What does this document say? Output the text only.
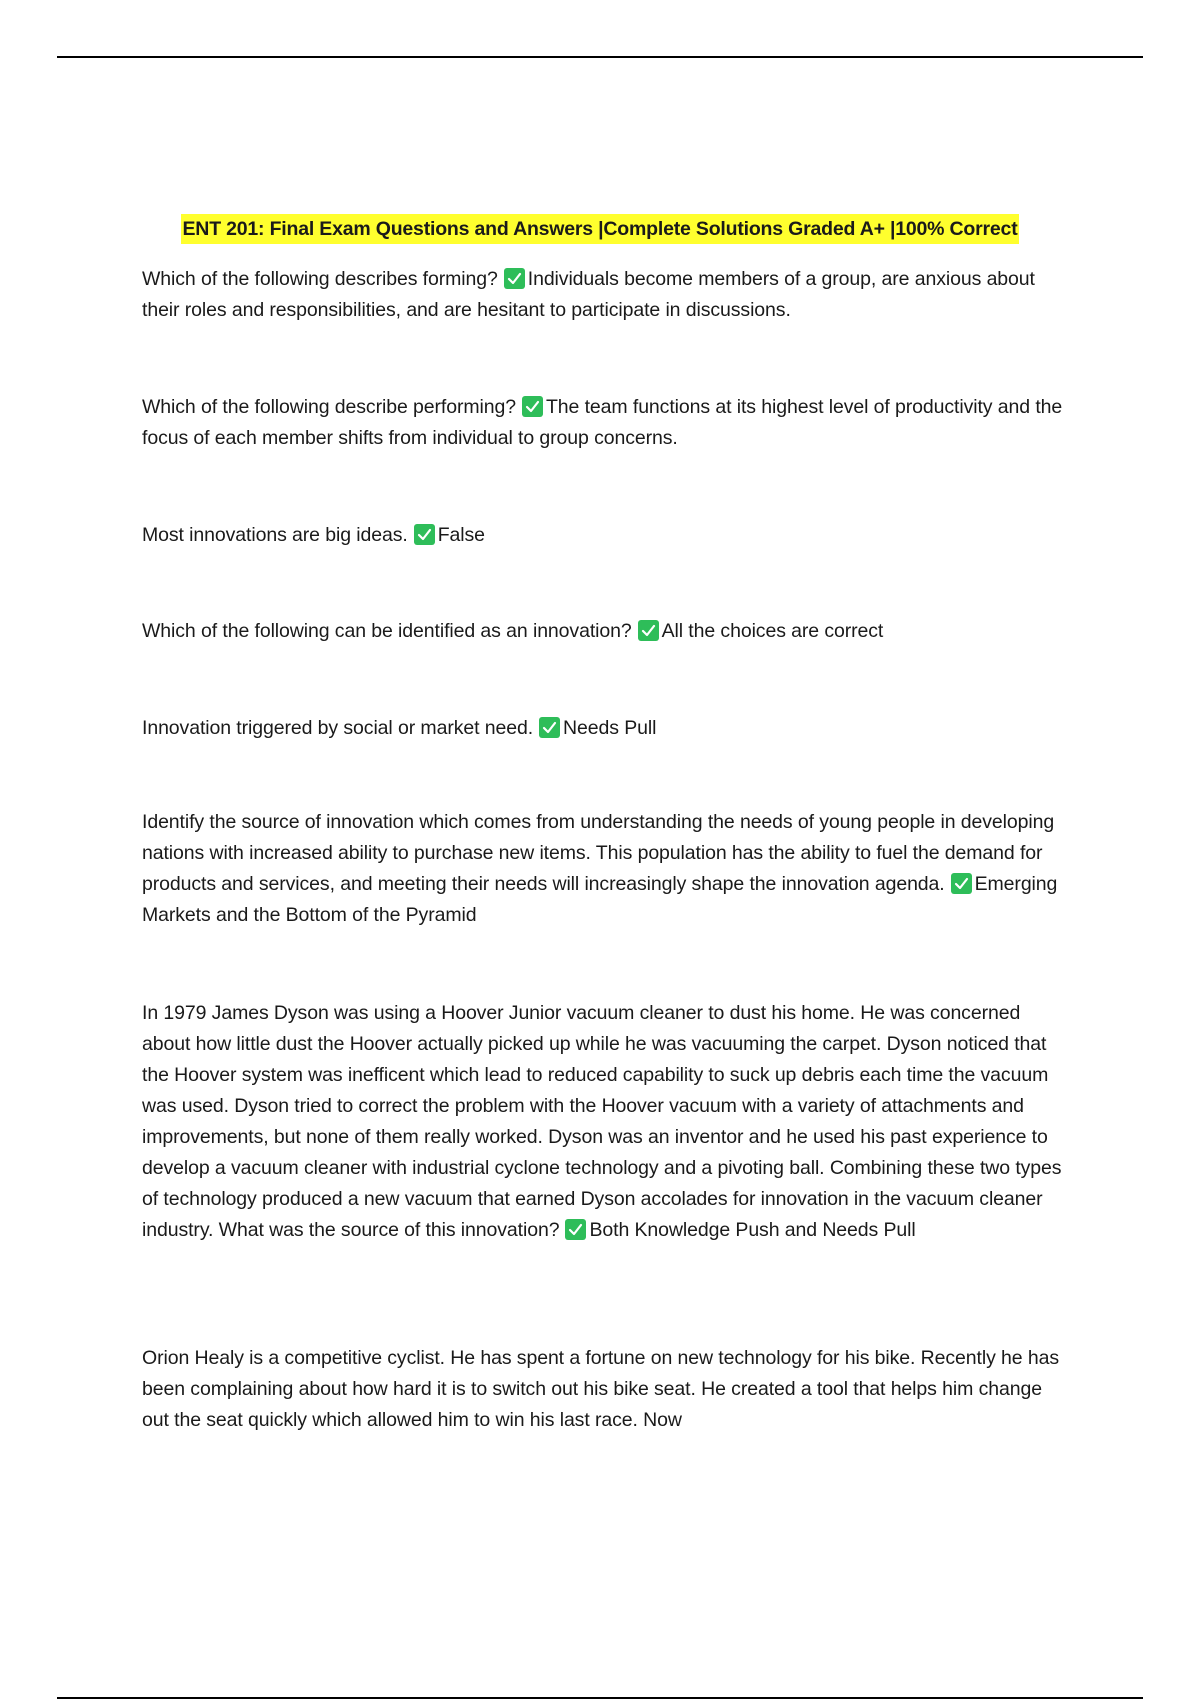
ENT 201: Final Exam Questions and Answers |Complete Solutions Graded A+ |100% Correct
Which of the following describes forming? Individuals become members of a group, are anxious about their roles and responsibilities, and are hesitant to participate in discussions.
Which of the following describe performing? The team functions at its highest level of productivity and the focus of each member shifts from individual to group concerns.
Most innovations are big ideas. False
Which of the following can be identified as an innovation? All the choices are correct
Innovation triggered by social or market need. Needs Pull
Identify the source of innovation which comes from understanding the needs of young people in developing nations with increased ability to purchase new items. This population has the ability to fuel the demand for products and services, and meeting their needs will increasingly shape the innovation agenda. Emerging Markets and the Bottom of the Pyramid
In 1979 James Dyson was using a Hoover Junior vacuum cleaner to dust his home. He was concerned about how little dust the Hoover actually picked up while he was vacuuming the carpet. Dyson noticed that the Hoover system was inefficent which lead to reduced capability to suck up debris each time the vacuum was used. Dyson tried to correct the problem with the Hoover vacuum with a variety of attachments and improvements, but none of them really worked. Dyson was an inventor and he used his past experience to develop a vacuum cleaner with industrial cyclone technology and a pivoting ball. Combining these two types of technology produced a new vacuum that earned Dyson accolades for innovation in the vacuum cleaner industry. What was the source of this innovation? Both Knowledge Push and Needs Pull
Orion Healy is a competitive cyclist. He has spent a fortune on new technology for his bike. Recently he has been complaining about how hard it is to switch out his bike seat. He created a tool that helps him change out the seat quickly which allowed him to win his last race. Now
